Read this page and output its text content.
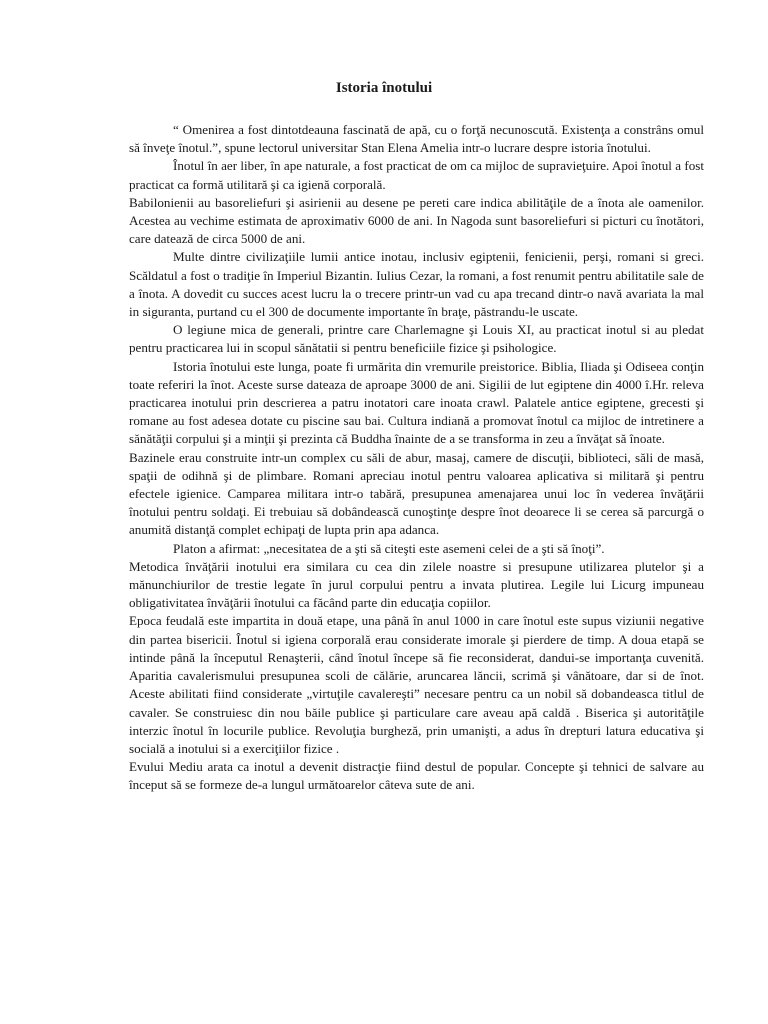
Istoria înotului

“ Omenirea a fost dintotdeauna fascinată de apă, cu o forţă necunoscută. Existenţa a constrâns omul să înveţe înotul.”, spune lectorul universitar Stan Elena Amelia intr-o lucrare despre istoria înotului.

Înotul în aer liber, în ape naturale, a fost practicat de om ca mijloc de supravieţuire. Apoi înotul a fost practicat ca formă utilitară şi ca igienă corporală.

Babilonienii au basoreliefuri şi asirienii au desene pe pereti care indica abilităţile de a înota ale oamenilor. Acestea au vechime estimata de aproximativ 6000 de ani. In Nagoda sunt basoreliefuri si picturi cu înotători, care datează de circa 5000 de ani.

Multe dintre civilizaţiile lumii antice inotau, inclusiv egiptenii, fenicienii, perşi, romani si greci. Scăldatul a fost o tradiţie în Imperiul Bizantin. Iulius Cezar, la romani, a fost renumit pentru abilitatile sale de a înota. A dovedit cu succes acest lucru la o trecere printr-un vad cu apa trecand dintr-o navă avariata la mal in siguranta, purtand cu el 300 de documente importante în braţe, păstrandu-le uscate.

O legiune mica de generali, printre care Charlemagne şi Louis XI, au practicat inotul si au pledat pentru practicarea lui in scopul sănătatii si pentru beneficiile fizice şi psihologice.

Istoria înotului este lunga, poate fi urmărita din vremurile preistorice. Biblia, Iliada şi Odiseea conţin toate referiri la înot. Aceste surse dateaza de aproape 3000 de ani. Sigilii de lut egiptene din 4000 î.Hr. releva practicarea inotului prin descrierea a patru inotatori care inoata crawl. Palatele antice egiptene, grecesti şi romane au fost adesea dotate cu piscine sau bai. Cultura indiană a promovat înotul ca mijloc de intretinere a sănătăţii corpului şi a minţii şi prezinta că Buddha înainte de a se transforma in zeu a învăţat să înoate.

Bazinele erau construite intr-un complex cu săli de abur, masaj, camere de discuţii, biblioteci, săli de masă, spaţii de odihnă şi de plimbare. Romani apreciau inotul pentru valoarea aplicativa si militară şi pentru efectele igienice. Campareа militara intr-o tabără, presupunea amenajarea unui loc în vederea învăţării înotului pentru soldaţi. Ei trebuiau să dobândească cunoştinţe despre înot deoarece li se cerea să parcurgă o anumită distanţă complet echipaţi de lupta prin apa adanca.

Platon a afirmat: „necesitatea de a şti să citeşti este asemeni celei de a şti să înoţi”.

Metodica învăţării inotului era similara cu cea din zilele noastre si presupune utilizarea plutelor şi a mănunchiurilor de trestie legate în jurul corpului pentru a invata plutirea. Legile lui Licurg impuneau obligativitatea învăţării înotului ca făcând parte din educaţia copiilor.

Epoca feudală este impartita in două etape, una până în anul 1000 in care înotul este supus viziunii negative din partea bisericii. Înotul si igiena corporală erau considerate imorale şi pierdere de timp. A doua etapă se intinde până la începutul Renaşterii, când înotul începe să fie reconsiderat, dandui-se importanţa cuvenită. Aparitia cavalerismului presupunea scoli de călărie, aruncarea lăncii, scrimă şi vânătoare, dar si de înot. Aceste abilitati fiind considerate „virtuţile cavalereşti” necesare pentru ca un nobil să dobandeasca titlul de cavaler. Se construiesc din nou băile publice şi particulare care aveau apă caldă . Biserica şi autorităţile interzic înotul în locurile publice. Revoluţia burgheză, prin umanişti, a adus în drepturi latura educativa şi socială a inotului si a exerciţiilor fizice .

Evului Mediu arata ca inotul a devenit distracţie fiind destul de popular. Concepte şi tehnici de salvare au început să se formeze de-a lungul următoarelor câteva sute de ani.
